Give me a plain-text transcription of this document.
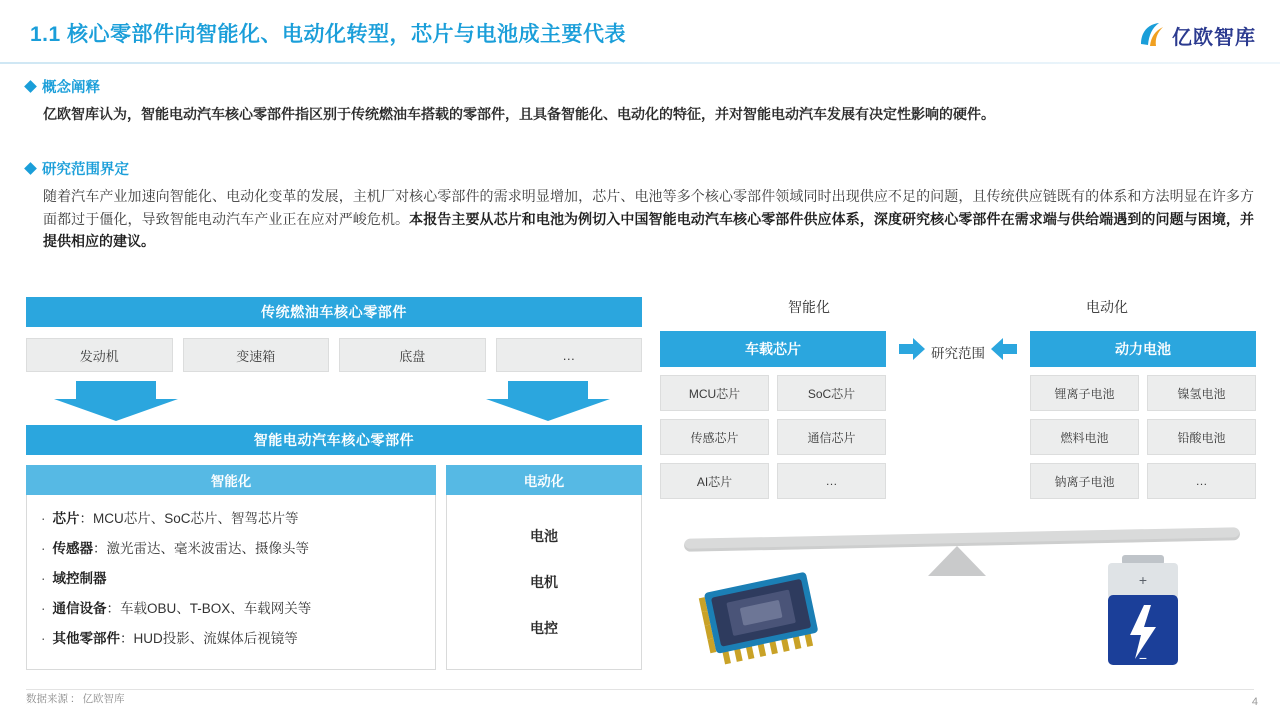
1.1 核心零部件向智能化、电动化转型，芯片与电池成主要代表	亿欧智库
概念阐释
亿欧智库认为，智能电动汽车核心零部件指区别于传统燃油车搭载的零部件，且具备智能化、电动化的特征，并对智能电动汽车发展有决定性影响的硬件。
研究范围界定
随着汽车产业加速向智能化、电动化变革的发展，主机厂对核心零部件的需求明显增加，芯片、电池等多个核心零部件领域同时出现供应不足的问题，且传统供应链既有的体系和方法明显在许多方面都过于僵化，导致智能电动汽车产业正在应对严峻危机。本报告主要从芯片和电池为例切入中国智能电动汽车核心零部件供应体系，深度研究核心零部件在需求端与供给端遇到的问题与困境，并提供相应的建议。
传统燃油车核心零部件
发动机	变速箱	底盘	…
智能电动汽车核心零部件
智能化	电动化
· 芯片：MCU芯片、SoC芯片、智驾芯片等
· 传感器：激光雷达、毫米波雷达、摄像头等
· 域控制器
· 通信设备：车载OBU、T-BOX、车载网关等
· 其他零部件：HUD投影、流媒体后视镜等
电池
电机
电控
智能化	电动化
车载芯片
MCU芯片	SoC芯片
传感芯片	通信芯片
AI芯片	…
研究范围	动力电池
锂离子电池	镍氢电池
燃料电池	铅酸电池
钠离子电池	…
+
−
数据来源 ： 亿欧智库	4
